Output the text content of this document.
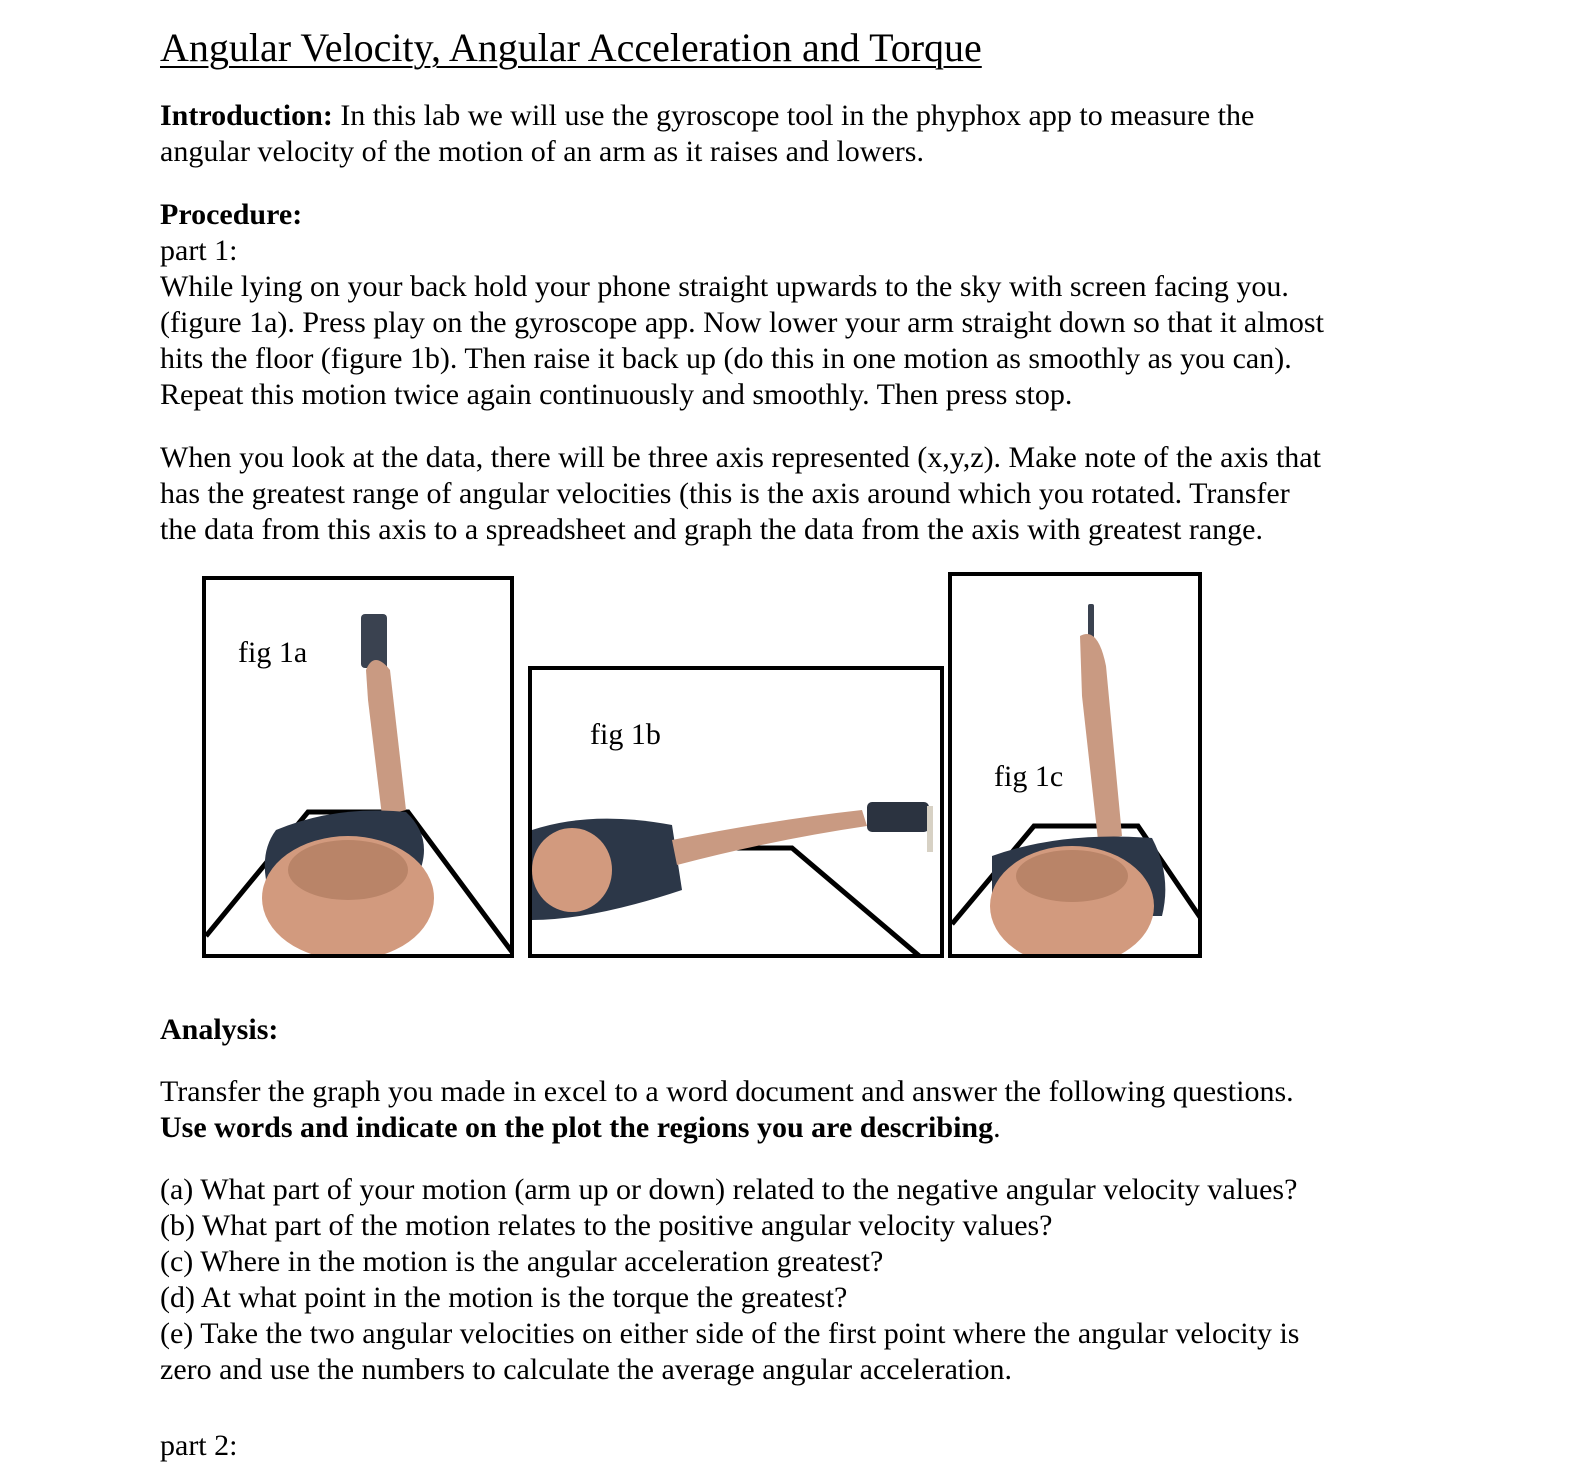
Angular Velocity, Angular Acceleration and Torque

Introduction: In this lab we will use the gyroscope tool in the phyphox app to measure the

angular velocity of the motion of an arm as it raises and lowers.

Procedure:

part 1:

While lying on your back hold your phone straight upwards to the sky with screen facing you.

(figure 1a). Press play on the gyroscope app. Now lower your arm straight down so that it almost

hits the floor (figure 1b). Then raise it back up (do this in one motion as smoothly as you can).

Repeat this motion twice again continuously and smoothly. Then press stop.

When you look at the data, there will be three axis represented (x,y,z). Make note of the axis that

has the greatest range of angular velocities (this is the axis around which you rotated. Transfer

the data from this axis to a spreadsheet and graph the data from the axis with greatest range.

fig 1a
fig 1b
fig 1c

Analysis:

Transfer the graph you made in excel to a word document and answer the following questions.

Use words and indicate on the plot the regions you are describing.

(a) What part of your motion (arm up or down) related to the negative angular velocity values?

(b) What part of the motion relates to the positive angular velocity values?

(c) Where in the motion is the angular acceleration greatest?

(d) At what point in the motion is the torque the greatest?

(e) Take the two angular velocities on either side of the first point where the angular velocity is

zero and use the numbers to calculate the average angular acceleration.

part 2:
